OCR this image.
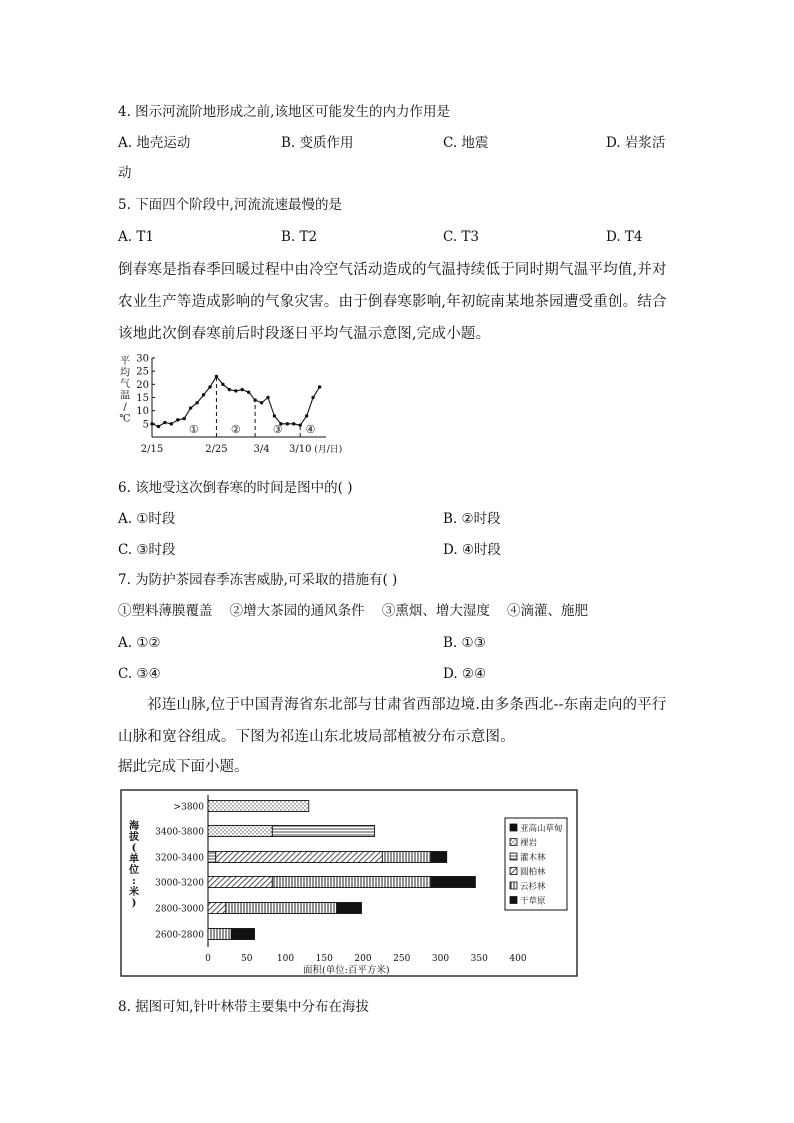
4. 图示河流阶地形成之前,该地区可能发生的内力作用是
A. 地壳运动	B. 变质作用	C. 地震	D. 岩浆活
动
5. 下面四个阶段中,河流流速最慢的是
A. T1	B. T2	C. T3	D. T4
倒春寒是指春季回暖过程中由冷空气活动造成的气温持续低于同时期气温平均值,并对农业生产等造成影响的气象灾害。由于倒春寒影响,年初皖南某地茶园遭受重创。结合该地此次倒春寒前后时段逐日平均气温示意图,完成小题。
5
10
15
20
25
30
2/15	2/25	3/4 3/10 (月/日)
平
均
气
温
/
℃
①	②	③ ④
6. 该地受这次倒春寒的时间是图中的( )
A. ①时段	B. ②时段
C. ③时段	D. ④时段
7. 为防护茶园春季冻害威胁,可采取的措施有( )
①塑料薄膜覆盖    ②增大茶园的通风条件    ③熏烟、增大湿度    ④滴灌、施肥
A. ①②	B. ①③
C. ③④	D. ②④
祁连山脉,位于中国青海省东北部与甘肃省西部边境.由多条西北--东南走向的平行山脉和宽谷组成。下图为祁连山东北坡局部植被分布示意图。
据此完成下面小题。
亚高山草甸
裸岩
灌木林
圆柏林
云杉林
干草原
>3800
3400-3800
3200-3400
3000-3200
2800-3000
2600-2800
0	50	100 150 200 250 300 350 400
面积(单位:百平方米)
海
拔
(
单
位
:
米
)
8. 据图可知,针叶林带主要集中分布在海拔
